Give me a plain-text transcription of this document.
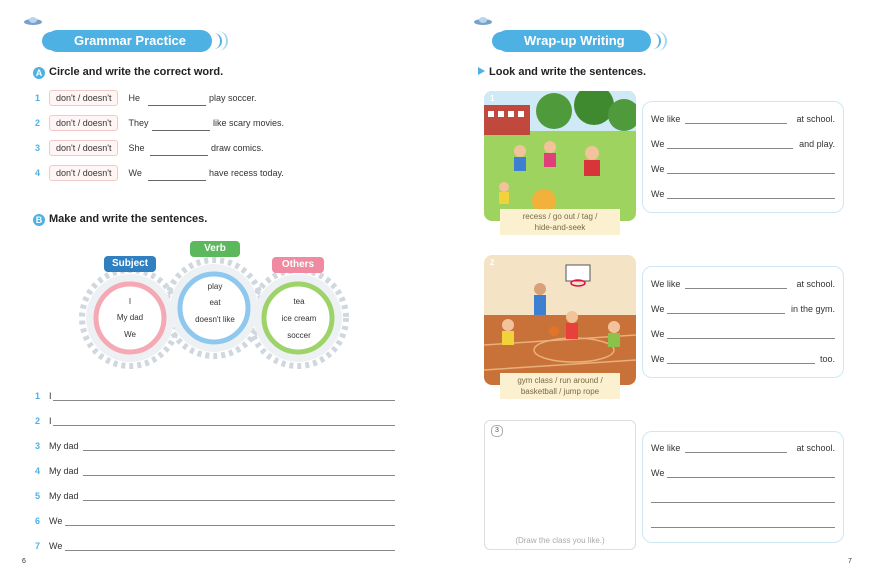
Grammar Practice
A Circle and write the correct word.
1 don't / doesn't He	play soccer.
2 don't / doesn't They	like scary movies.
3 don't / doesn't She	draw comics.
4 don't / doesn't We	have recess today.
B Make and write the sentences.
Subject
Verb
Others
I
My dad
We
play
eat
doesn't like
tea
ice cream
soccer
1 I
2 I
3 My dad
4 My dad
5 My dad
6 We
7 We
6
Wrap-up Writing
Look and write the sentences.
1
recess / go out / tag /
hide-and-seek
We like	at school.
We	and play.
We
We
2
gym class / run around /
basketball / jump rope
We like	at school.
We	in the gym.
We
We	too.
3
(Draw the class you like.)
We like	at school.
We
7
